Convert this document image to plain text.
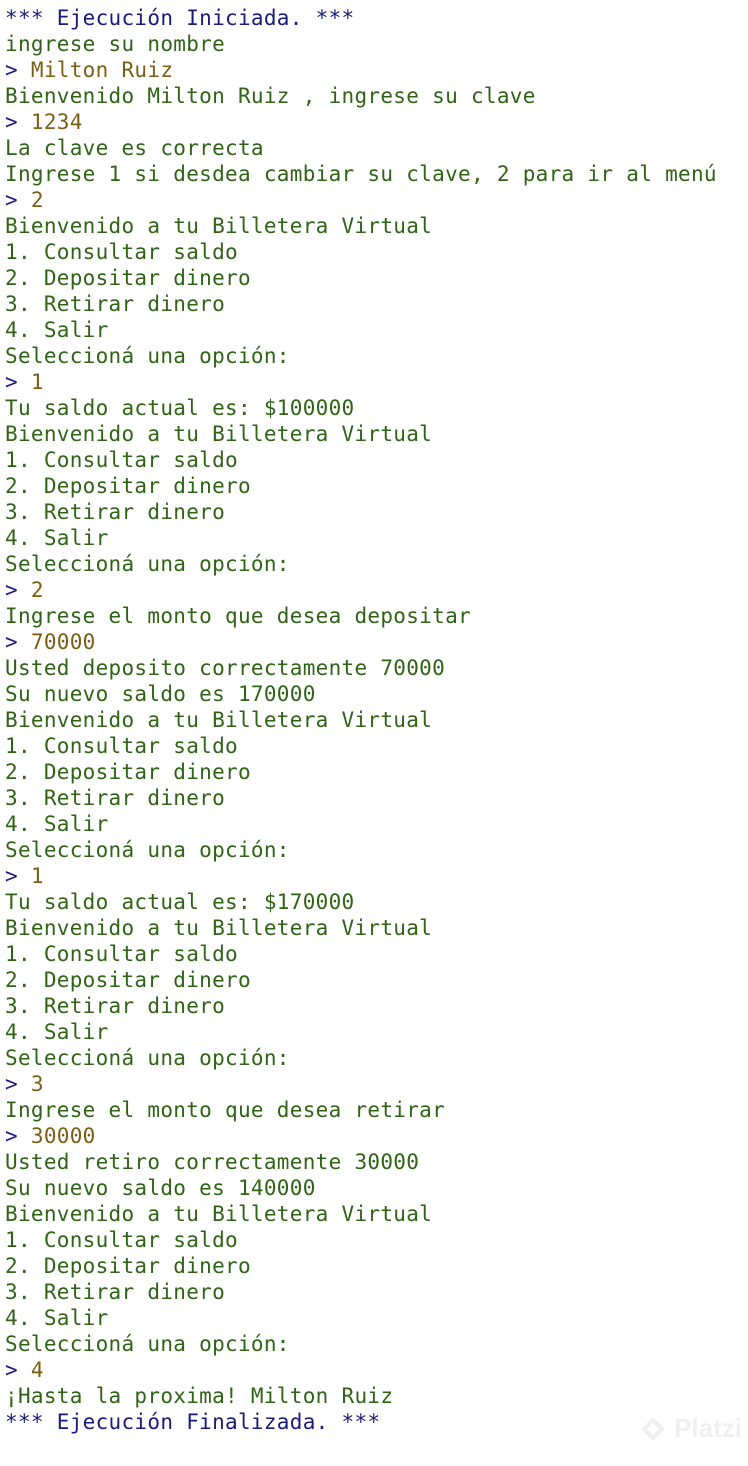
*** Ejecución Iniciada. ***
ingrese su nombre
> Milton Ruiz
Bienvenido Milton Ruiz , ingrese su clave
> 1234
La clave es correcta
Ingrese 1 si desdea cambiar su clave, 2 para ir al menú
> 2
Bienvenido a tu Billetera Virtual
1. Consultar saldo
2. Depositar dinero
3. Retirar dinero
4. Salir
Seleccioná una opción:
> 1
Tu saldo actual es: $100000
Bienvenido a tu Billetera Virtual
1. Consultar saldo
2. Depositar dinero
3. Retirar dinero
4. Salir
Seleccioná una opción:
> 2
Ingrese el monto que desea depositar
> 70000
Usted deposito correctamente 70000
Su nuevo saldo es 170000
Bienvenido a tu Billetera Virtual
1. Consultar saldo
2. Depositar dinero
3. Retirar dinero
4. Salir
Seleccioná una opción:
> 1
Tu saldo actual es: $170000
Bienvenido a tu Billetera Virtual
1. Consultar saldo
2. Depositar dinero
3. Retirar dinero
4. Salir
Seleccioná una opción:
> 3
Ingrese el monto que desea retirar
> 30000
Usted retiro correctamente 30000
Su nuevo saldo es 140000
Bienvenido a tu Billetera Virtual
1. Consultar saldo
2. Depositar dinero
3. Retirar dinero
4. Salir
Seleccioná una opción:
> 4
¡Hasta la proxima! Milton Ruiz
*** Ejecución Finalizada. ***	Platzi
